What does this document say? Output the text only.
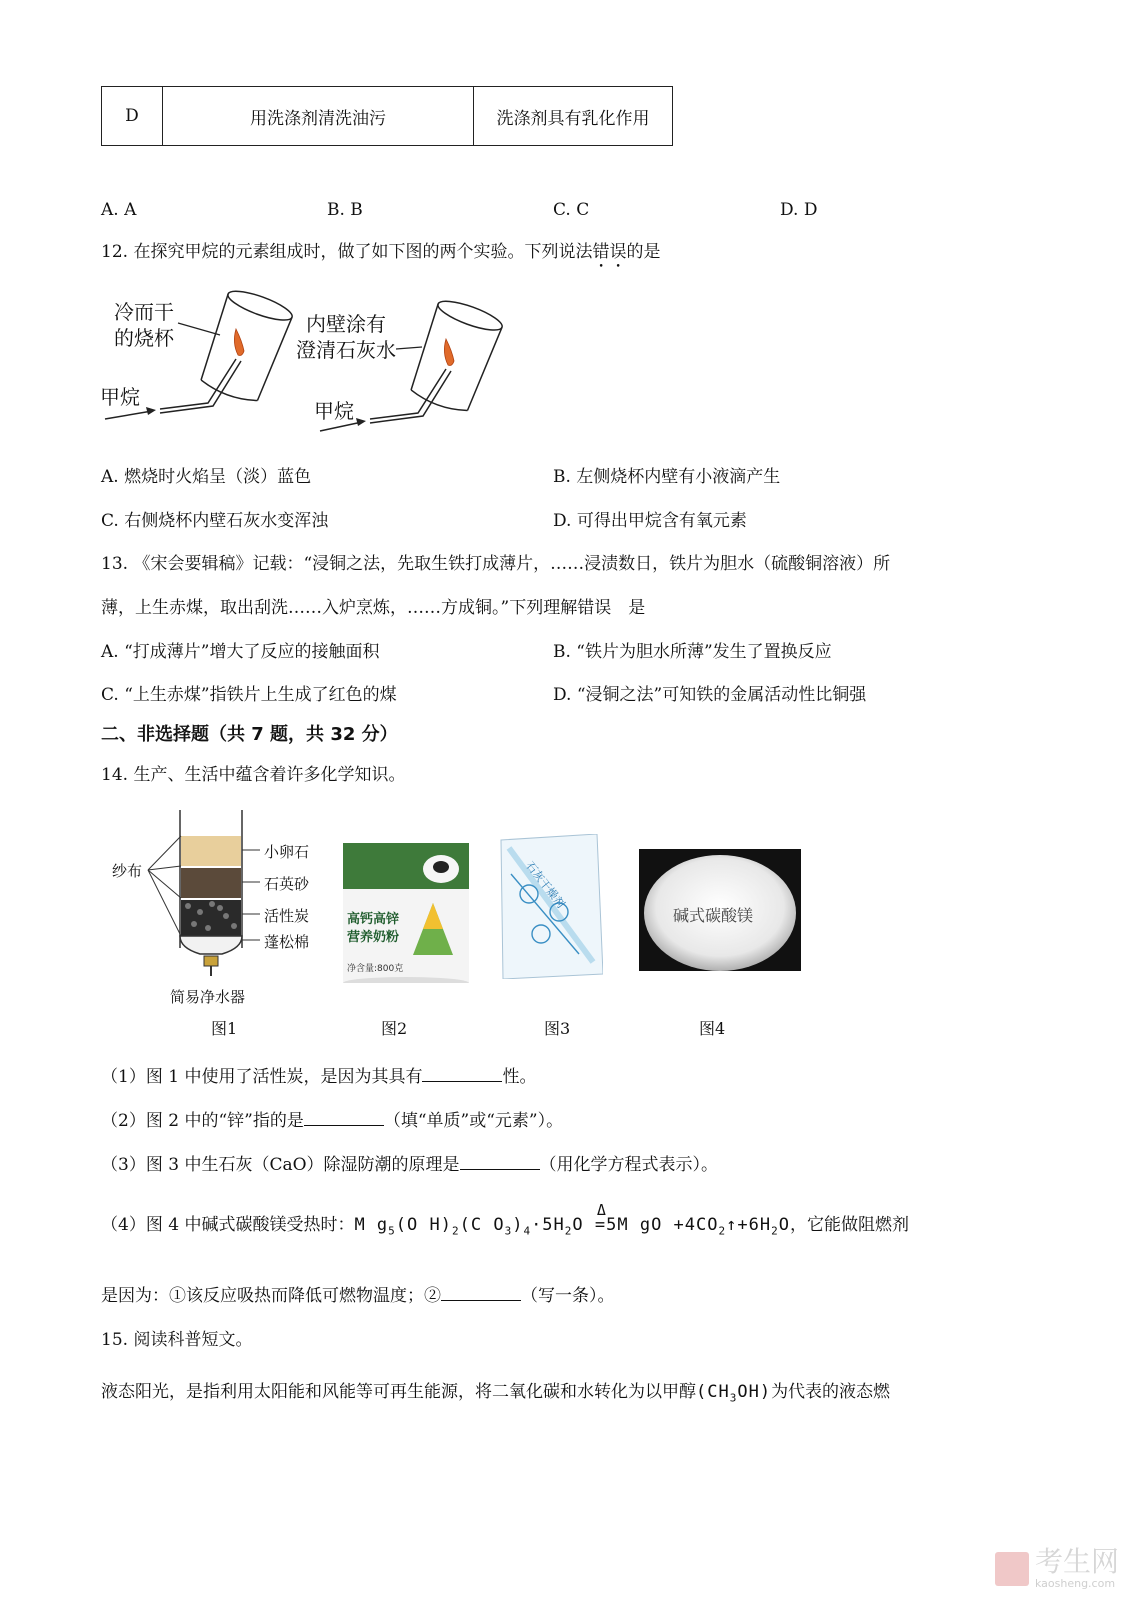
D	用洗涤剂清洗油污	洗涤剂具有乳化作用
A. A	B. B	C. C	D. D
12. 在探究甲烷的元素组成时，做了如下图的两个实验。下列说法错误的是
冷而干
的烧杯
甲烷
内壁涂有
澄清石灰水
甲烷
A. 燃烧时火焰呈（淡）蓝色	B. 左侧烧杯内壁有小液滴产生
C. 右侧烧杯内壁石灰水变浑浊	D. 可得出甲烷含有氧元素
13. 《宋会要辑稿》记载：“浸铜之法，先取生铁打成薄片，……浸渍数日，铁片为胆水（硫酸铜溶液）所
薄，上生赤煤，取出刮洗……入炉烹炼，……方成铜。”下列理解错误　是
A. “打成薄片”增大了反应的接触面积	B. “铁片为胆水所薄”发生了置换反应
C. “上生赤煤”指铁片上生成了红色的煤	D. “浸铜之法”可知铁的金属活动性比铜强
二、非选择题（共 7 题，共 32 分）
14. 生产、生活中蕴含着许多化学知识。
纱布
小卵石
石英砂
活性炭
蓬松棉
简易净水器
高钙高锌
营养奶粉
净含量:800克
石灰干燥剂
碱式碳酸镁
图1	图2	图3	图4
（1）图 1 中使用了活性炭，是因为其具有	性。
（2）图 2 中的“锌”指的是	（填“单质”或“元素”）。
（3）图 3 中生石灰（CaO）除湿防潮的原理是	（用化学方程式表示）。
（4）图 4 中碱式碳酸镁受热时：M $g_5(O$ $H)_2(C$ $O_3)_4\cdot 5H_2O$
Δ
=5M gO $+4CO_2↑+6H_2O$，它能做阻燃剂
是因为：①该反应吸热而降低可燃物温度；②	（写一条）。
15. 阅读科普短文。
液态阳光，是指利用太阳能和风能等可再生能源，将二氧化碳和水转化为以甲醇$(CH_3OH)$为代表的液态燃
考生网
kaosheng.com
